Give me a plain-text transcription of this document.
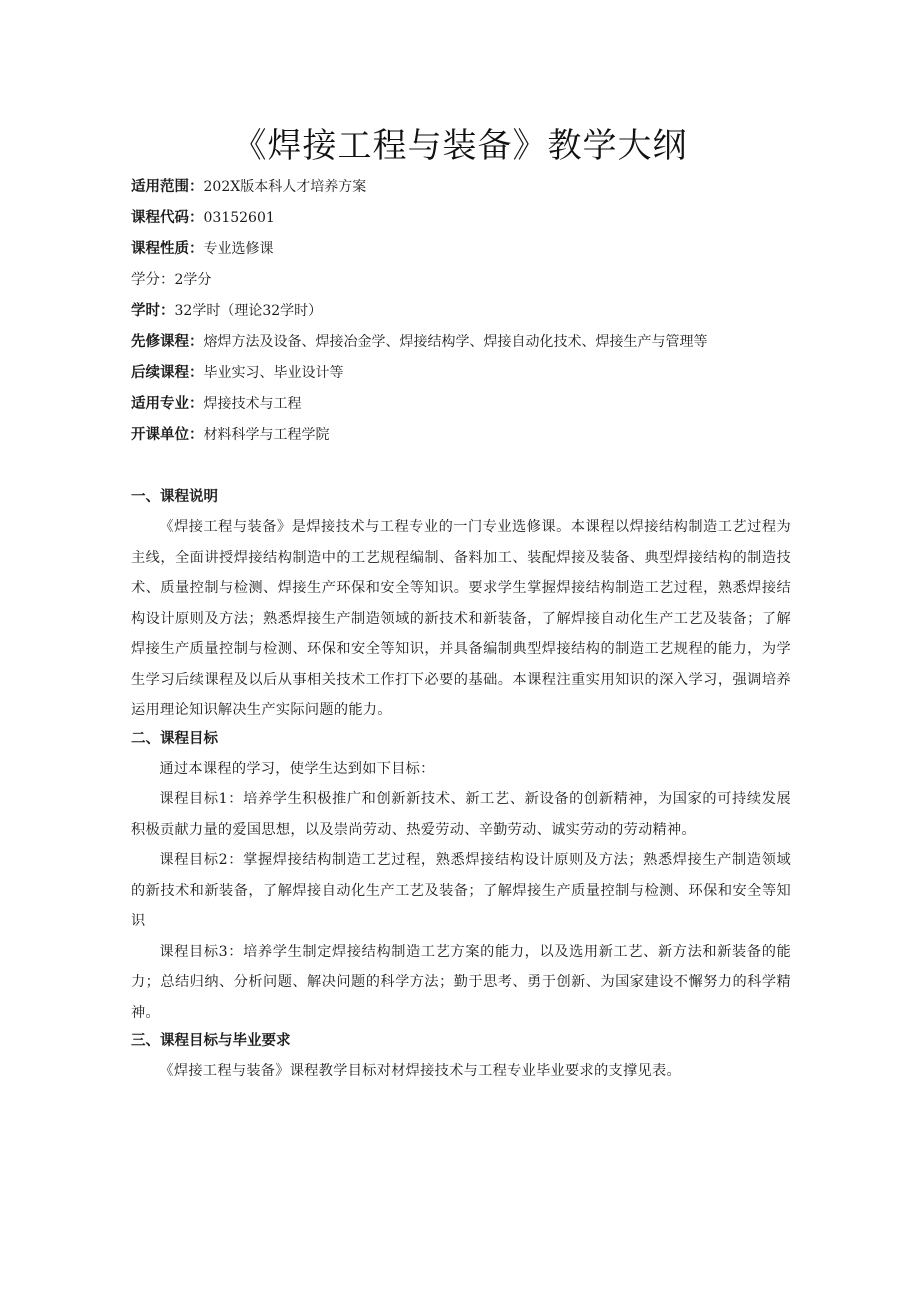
《焊接工程与装备》教学大纲
适用范围：202X版本科人才培养方案
课程代码：03152601
课程性质：专业选修课
学分：2学分
学时：32学时（理论32学时）
先修课程：熔焊方法及设备、焊接冶金学、焊接结构学、焊接自动化技术、焊接生产与管理等
后续课程：毕业实习、毕业设计等
适用专业：焊接技术与工程
开课单位：材料科学与工程学院
一、课程说明

《焊接工程与装备》是焊接技术与工程专业的一门专业选修课。本课程以焊接结构制造工艺过程为主线，全面讲授焊接结构制造中的工艺规程编制、备料加工、装配焊接及装备、典型焊接结构的制造技术、质量控制与检测、焊接生产环保和安全等知识。要求学生掌握焊接结构制造工艺过程，熟悉焊接结构设计原则及方法；熟悉焊接生产制造领域的新技术和新装备，了解焊接自动化生产工艺及装备；了解焊接生产质量控制与检测、环保和安全等知识，并具备编制典型焊接结构的制造工艺规程的能力，为学生学习后续课程及以后从事相关技术工作打下必要的基础。本课程注重实用知识的深入学习，强调培养运用理论知识解决生产实际问题的能力。

二、课程目标

通过本课程的学习，使学生达到如下目标：

课程目标1：培养学生积极推广和创新新技术、新工艺、新设备的创新精神，为国家的可持续发展积极贡献力量的爱国思想，以及崇尚劳动、热爱劳动、辛勤劳动、诚实劳动的劳动精神。

课程目标2：掌握焊接结构制造工艺过程，熟悉焊接结构设计原则及方法；熟悉焊接生产制造领域的新技术和新装备，了解焊接自动化生产工艺及装备；了解焊接生产质量控制与检测、环保和安全等知识

课程目标3：培养学生制定焊接结构制造工艺方案的能力，以及选用新工艺、新方法和新装备的能力；总结归纳、分析问题、解决问题的科学方法；勤于思考、勇于创新、为国家建设不懈努力的科学精神。

三、课程目标与毕业要求

《焊接工程与装备》课程教学目标对材焊接技术与工程专业毕业要求的支撑见表。
